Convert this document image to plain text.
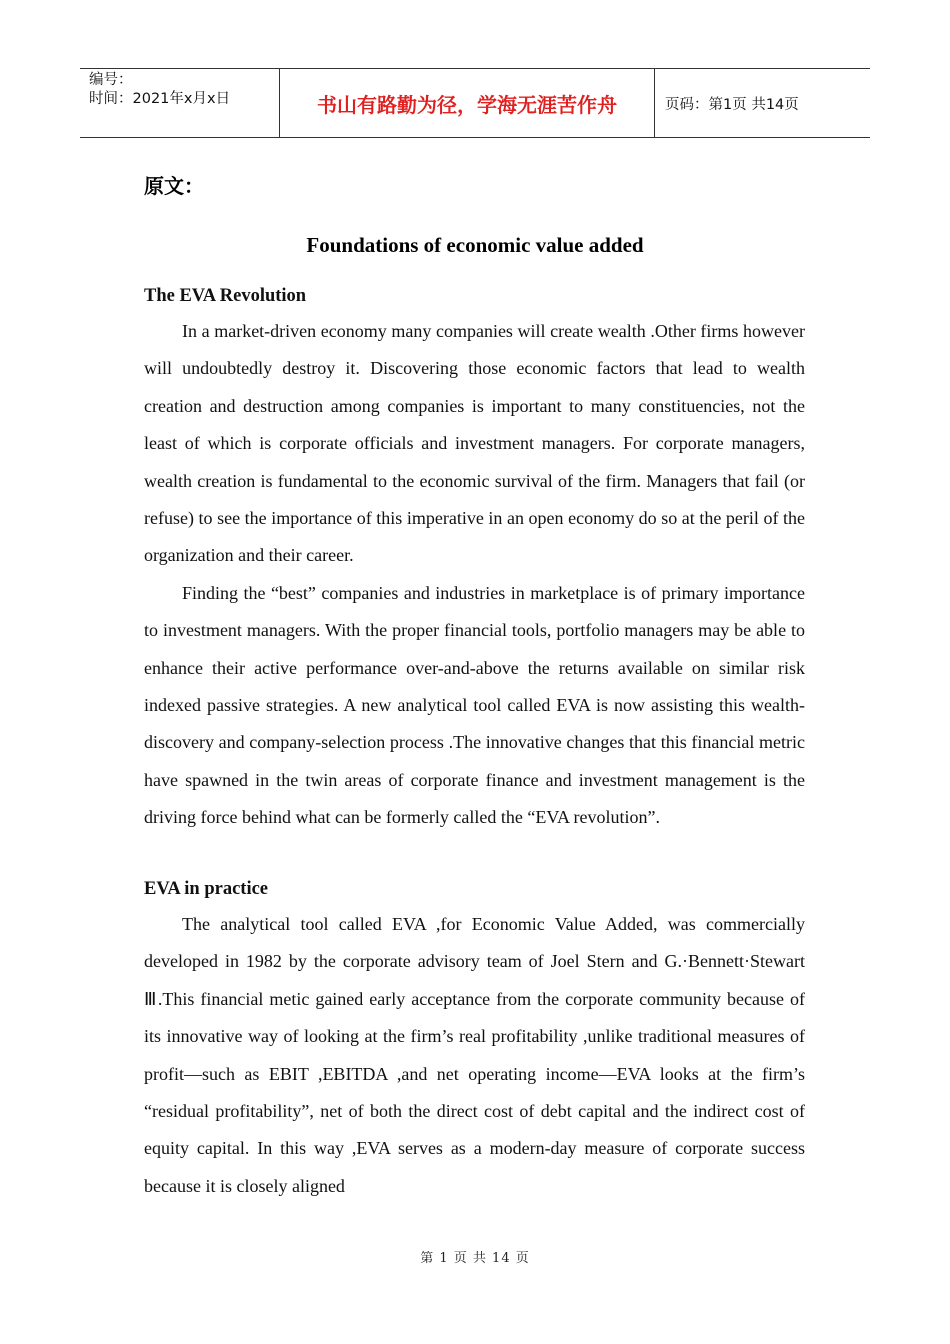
编号：
时间：2021年x月x日	书山有路勤为径，学海无涯苦作舟	页码：第1页 共14页
原文：
Foundations of economic value added

The EVA Revolution

In a market-driven economy many companies will create wealth .Other firms however will undoubtedly destroy it. Discovering those economic factors that lead to wealth creation and destruction among companies is important to many constituencies, not the least of which is corporate officials and investment managers. For corporate managers, wealth creation is fundamental to the economic survival of the firm. Managers that fail (or refuse) to see the importance of this imperative in an open economy do so at the peril of the organization and their career.

Finding the “best” companies and industries in marketplace is of primary importance to investment managers. With the proper financial tools, portfolio managers may be able to enhance their active performance over-and-above the returns available on similar risk indexed passive strategies. A new analytical tool called EVA is now assisting this wealth-discovery and company-selection process .The innovative changes that this financial metric have spawned in the twin areas of corporate finance and investment management is the driving force behind what can be formerly called the “EVA revolution”.

EVA in practice

The analytical tool called EVA ,for Economic Value Added, was commercially developed in 1982 by the corporate advisory team of Joel Stern and G.·Bennett·Stewart Ⅲ.This financial metic gained early acceptance from the corporate community because of its innovative way of looking at the firm’s real profitability ,unlike traditional measures of profit—such as EBIT ,EBITDA ,and net operating income—EVA looks at the firm’s “residual profitability”, net of both the direct cost of debt capital and the indirect cost of equity capital. In this way ,EVA serves as a modern-day measure of corporate success because it is closely aligned

第 1 页 共 14 页
